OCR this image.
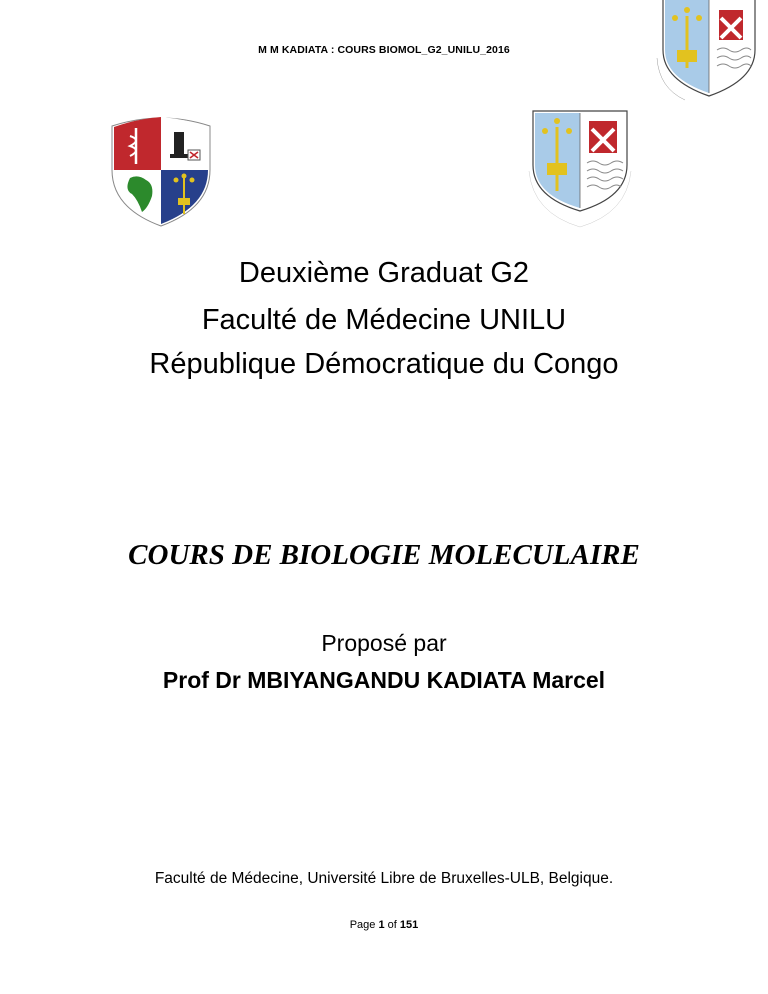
M M KADIATA : COURS BIOMOL_G2_UNILU_2016
Deuxième Graduat G2
Faculté de Médecine UNILU
République Démocratique du Congo
COURS DE BIOLOGIE MOLECULAIRE
Proposé par
Prof Dr MBIYANGANDU KADIATA Marcel
Faculté de Médecine, Université Libre de Bruxelles-ULB, Belgique.
Page 1 of 151
